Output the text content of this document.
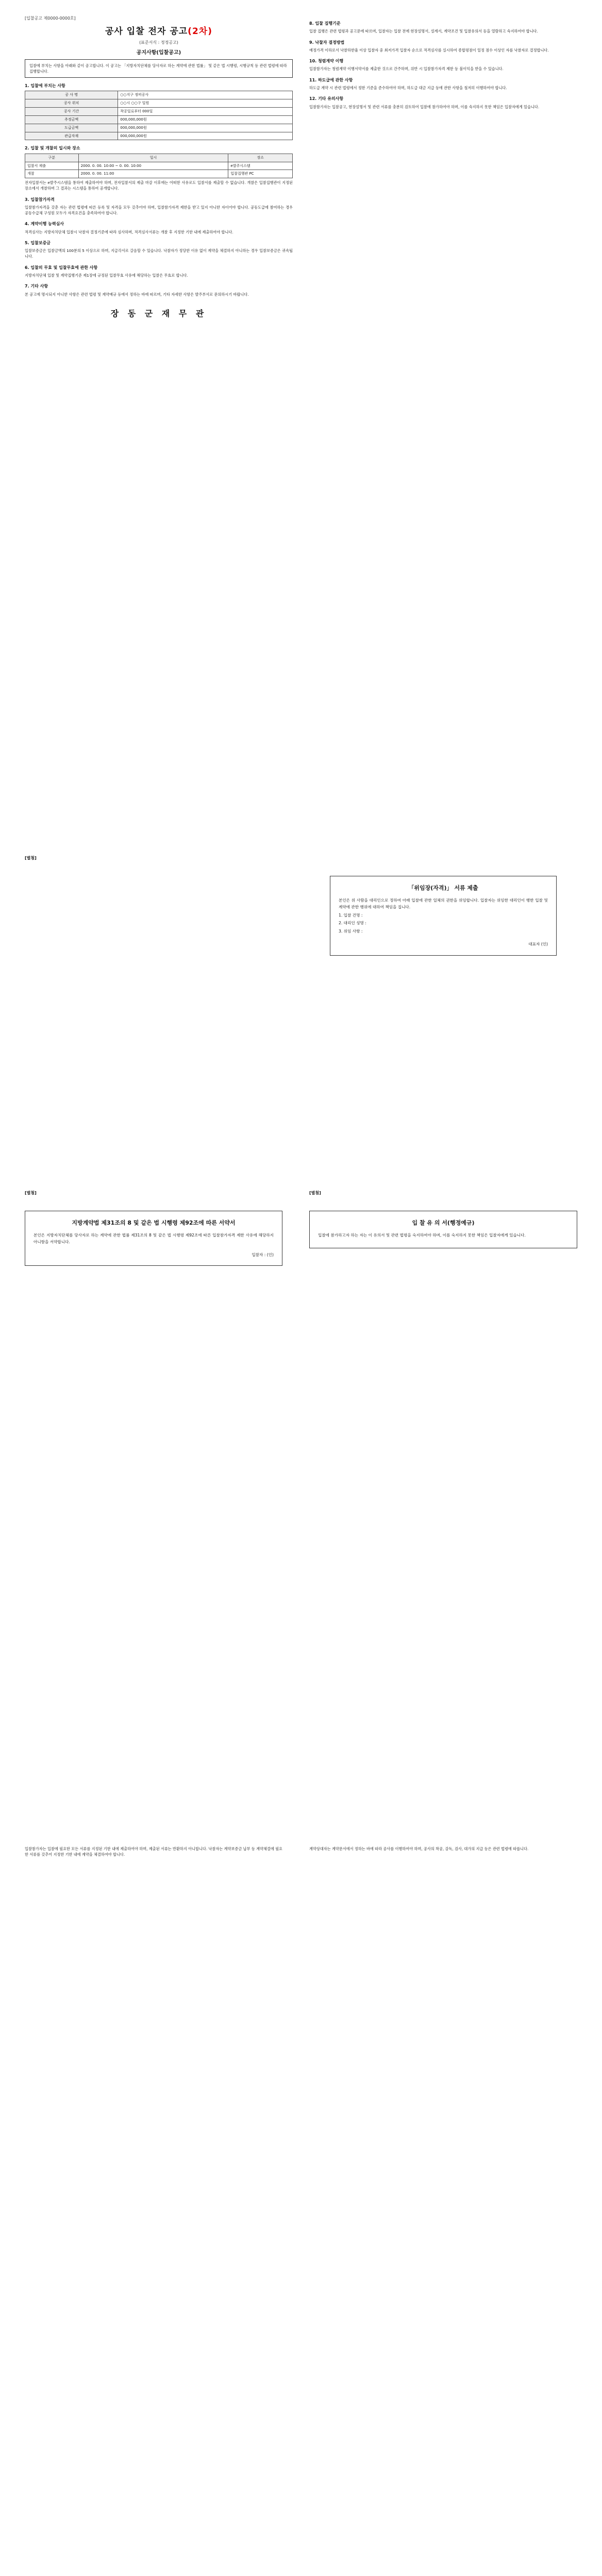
[입찰공고 제0000-0000호]
공사 입찰 전자 공고(2차)
(표준서식 : 정정공고)
공지사항(입찰공고)
입찰에 부치는 사항을 아래와 같이 공고합니다. 이 공고는 「지방자치단체를 당사자로 하는 계약에 관한 법률」 및 같은 법 시행령, 시행규칙 등 관련 법령에 따라 집행합니다.
1. 입찰에 부치는 사항
공 사 명	○○지구 정비공사
공사 위치	○○시 ○○구 일원
공사 기간	착공일로부터 000일
추정금액	000,000,000원
도급금액	000,000,000원
관급자재	000,000,000원
2. 입찰 및 개찰의 일시와 장소
구분	일시	장소
입찰서 제출	2000. 0. 00. 10:00 ~ 0. 00. 10:00	e발주시스템
개찰	2000. 0. 00. 11:00	입찰집행관 PC
전자입찰서는 e발주시스템을 통하여 제출하여야 하며, 전자입찰서의 제출 마감 이후에는 어떠한 사유로도 입찰서를 제출할 수 없습니다. 개찰은 입찰집행관이 지정된 장소에서 개찰하며 그 결과는 시스템을 통하여 공개합니다.
3. 입찰참가자격
입찰참가자격을 갖춘 자는 관련 법령에 따른 등록 및 자격을 모두 갖추어야 하며, 입찰참가자격 제한을 받고 있지 아니한 자이어야 합니다. 공동도급에 참여하는 경우 공동수급체 구성원 모두가 자격요건을 충족하여야 합니다.
4. 계약이행 능력심사
적격심사는 지방자치단체 입찰시 낙찰자 결정기준에 따라 심사하며, 적격심사서류는 개찰 후 지정한 기한 내에 제출하여야 합니다.
5. 입찰보증금
입찰보증금은 입찰금액의 100분의 5 이상으로 하며, 지급각서로 갈음할 수 있습니다. 낙찰자가 정당한 이유 없이 계약을 체결하지 아니하는 경우 입찰보증금은 귀속됩니다.
6. 입찰의 무효 및 입찰무효에 관한 사항
지방자치단체 입찰 및 계약집행기준 제1장에 규정된 입찰무효 사유에 해당하는 입찰은 무효로 합니다.
7. 기타 사항
본 공고에 명시되지 아니한 사항은 관련 법령 및 계약예규 등에서 정하는 바에 따르며, 기타 자세한 사항은 발주부서로 문의하시기 바랍니다.
장 동 군 재 무 관
8. 입찰 집행기준
입찰 집행은 관련 법령과 공고문에 따르며, 입찰자는 입찰 전에 현장설명서, 설계서, 계약조건 및 입찰유의서 등을 열람하고 숙지하여야 합니다.
9. 낙찰자 결정방법
예정가격 이하로서 낙찰하한율 이상 입찰자 중 최저가격 입찰자 순으로 적격심사를 실시하여 종합평점이 일정 점수 이상인 자를 낙찰자로 결정합니다.
10. 청렴계약 이행
입찰참가자는 청렴계약 이행서약서를 제출한 것으로 간주하며, 위반 시 입찰참가자격 제한 등 불이익을 받을 수 있습니다.
11. 하도급에 관한 사항
하도급 계약 시 관련 법령에서 정한 기준을 준수하여야 하며, 하도급 대금 지급 등에 관한 사항을 철저히 이행하여야 합니다.
12. 기타 유의사항
입찰참가자는 입찰공고, 현장설명서 및 관련 서류를 충분히 검토하여 입찰에 참가하여야 하며, 이를 숙지하지 못한 책임은 입찰자에게 있습니다.
[별첨]
「위임장(자격)」 서류 제출
본인은 위 사람을 대리인으로 정하여 아래 입찰에 관한 일체의 권한을 위임합니다. 입찰자는 위임한 대리인이 행한 입찰 및 계약에 관한 행위에 대하여 책임을 집니다.
1. 입찰 건명 :
2. 대리인 성명 :
3. 위임 사항 :
대표자 (인)
[별첨]
지방계약법 제31조의 8 및 같은 법 시행령 제92조에 따른 서약서
본인은 지방자치단체를 당사자로 하는 계약에 관한 법률 제31조의 8 및 같은 법 시행령 제92조에 따른 입찰참가자격 제한 사유에 해당하지 아니함을 서약합니다.
입찰자 : (인)
[별첨]
입 찰 유 의 서(행정예규)
입찰에 참가하고자 하는 자는 이 유의서 및 관련 법령을 숙지하여야 하며, 이를 숙지하지 못한 책임은 입찰자에게 있습니다.
입찰참가자는 입찰에 필요한 모든 서류를 지정된 기한 내에 제출하여야 하며, 제출된 서류는 반환하지 아니합니다. 낙찰자는 계약보증금 납부 등 계약체결에 필요한 서류를 갖추어 지정한 기한 내에 계약을 체결하여야 합니다.
계약상대자는 계약문서에서 정하는 바에 따라 공사를 이행하여야 하며, 공사의 착공, 감독, 검사, 대가의 지급 등은 관련 법령에 따릅니다.
